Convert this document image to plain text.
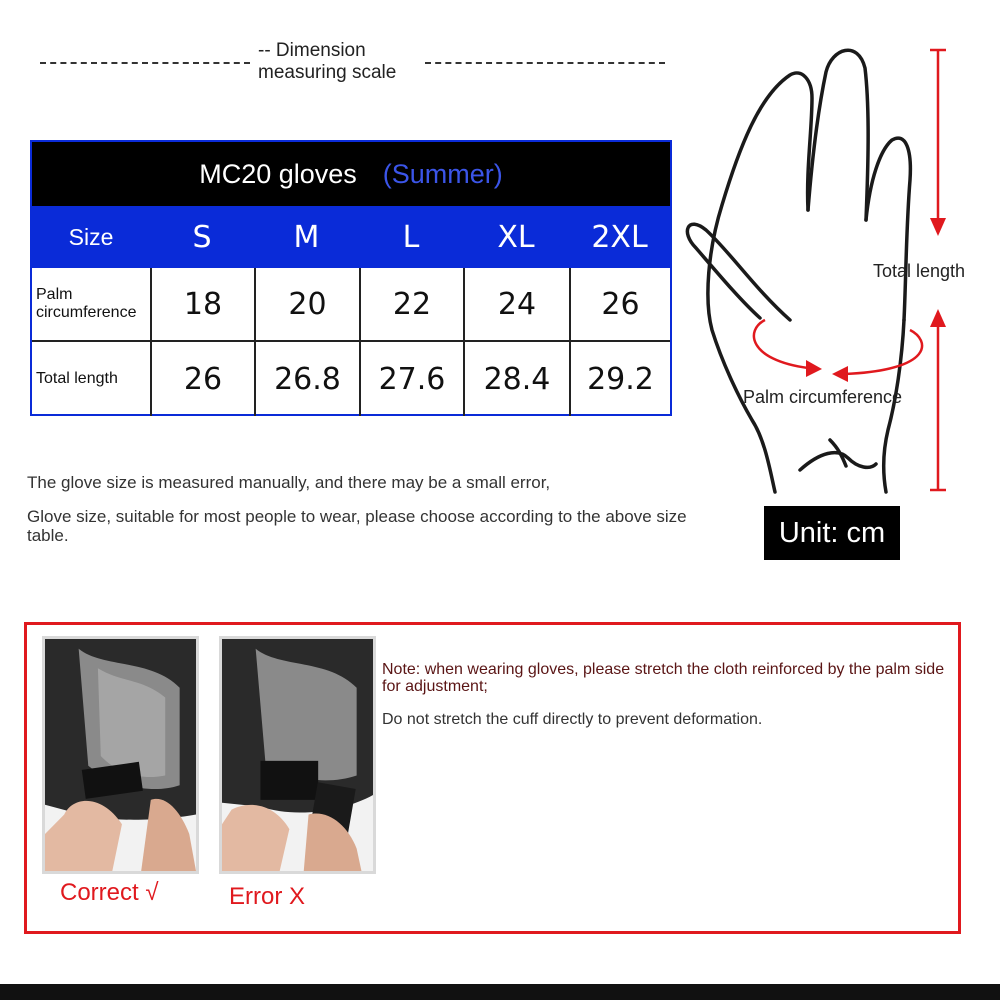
-- Dimension measuring scale
MC20 gloves (Summer)
Size	S	M	L	XL	2XL
Palm circumference	18	20	22	24	26
Total length	26	26.8	27.6	28.4	29.2
The glove size is measured manually, and there may be a small error,
Glove size, suitable for most people to wear, please choose according to the above size table.	Unit: cm
Total length
Palm circumference
Correct √	Error X
Note: when wearing gloves, please stretch the cloth reinforced by the palm side for adjustment;
Do not stretch the cuff directly to prevent deformation.
